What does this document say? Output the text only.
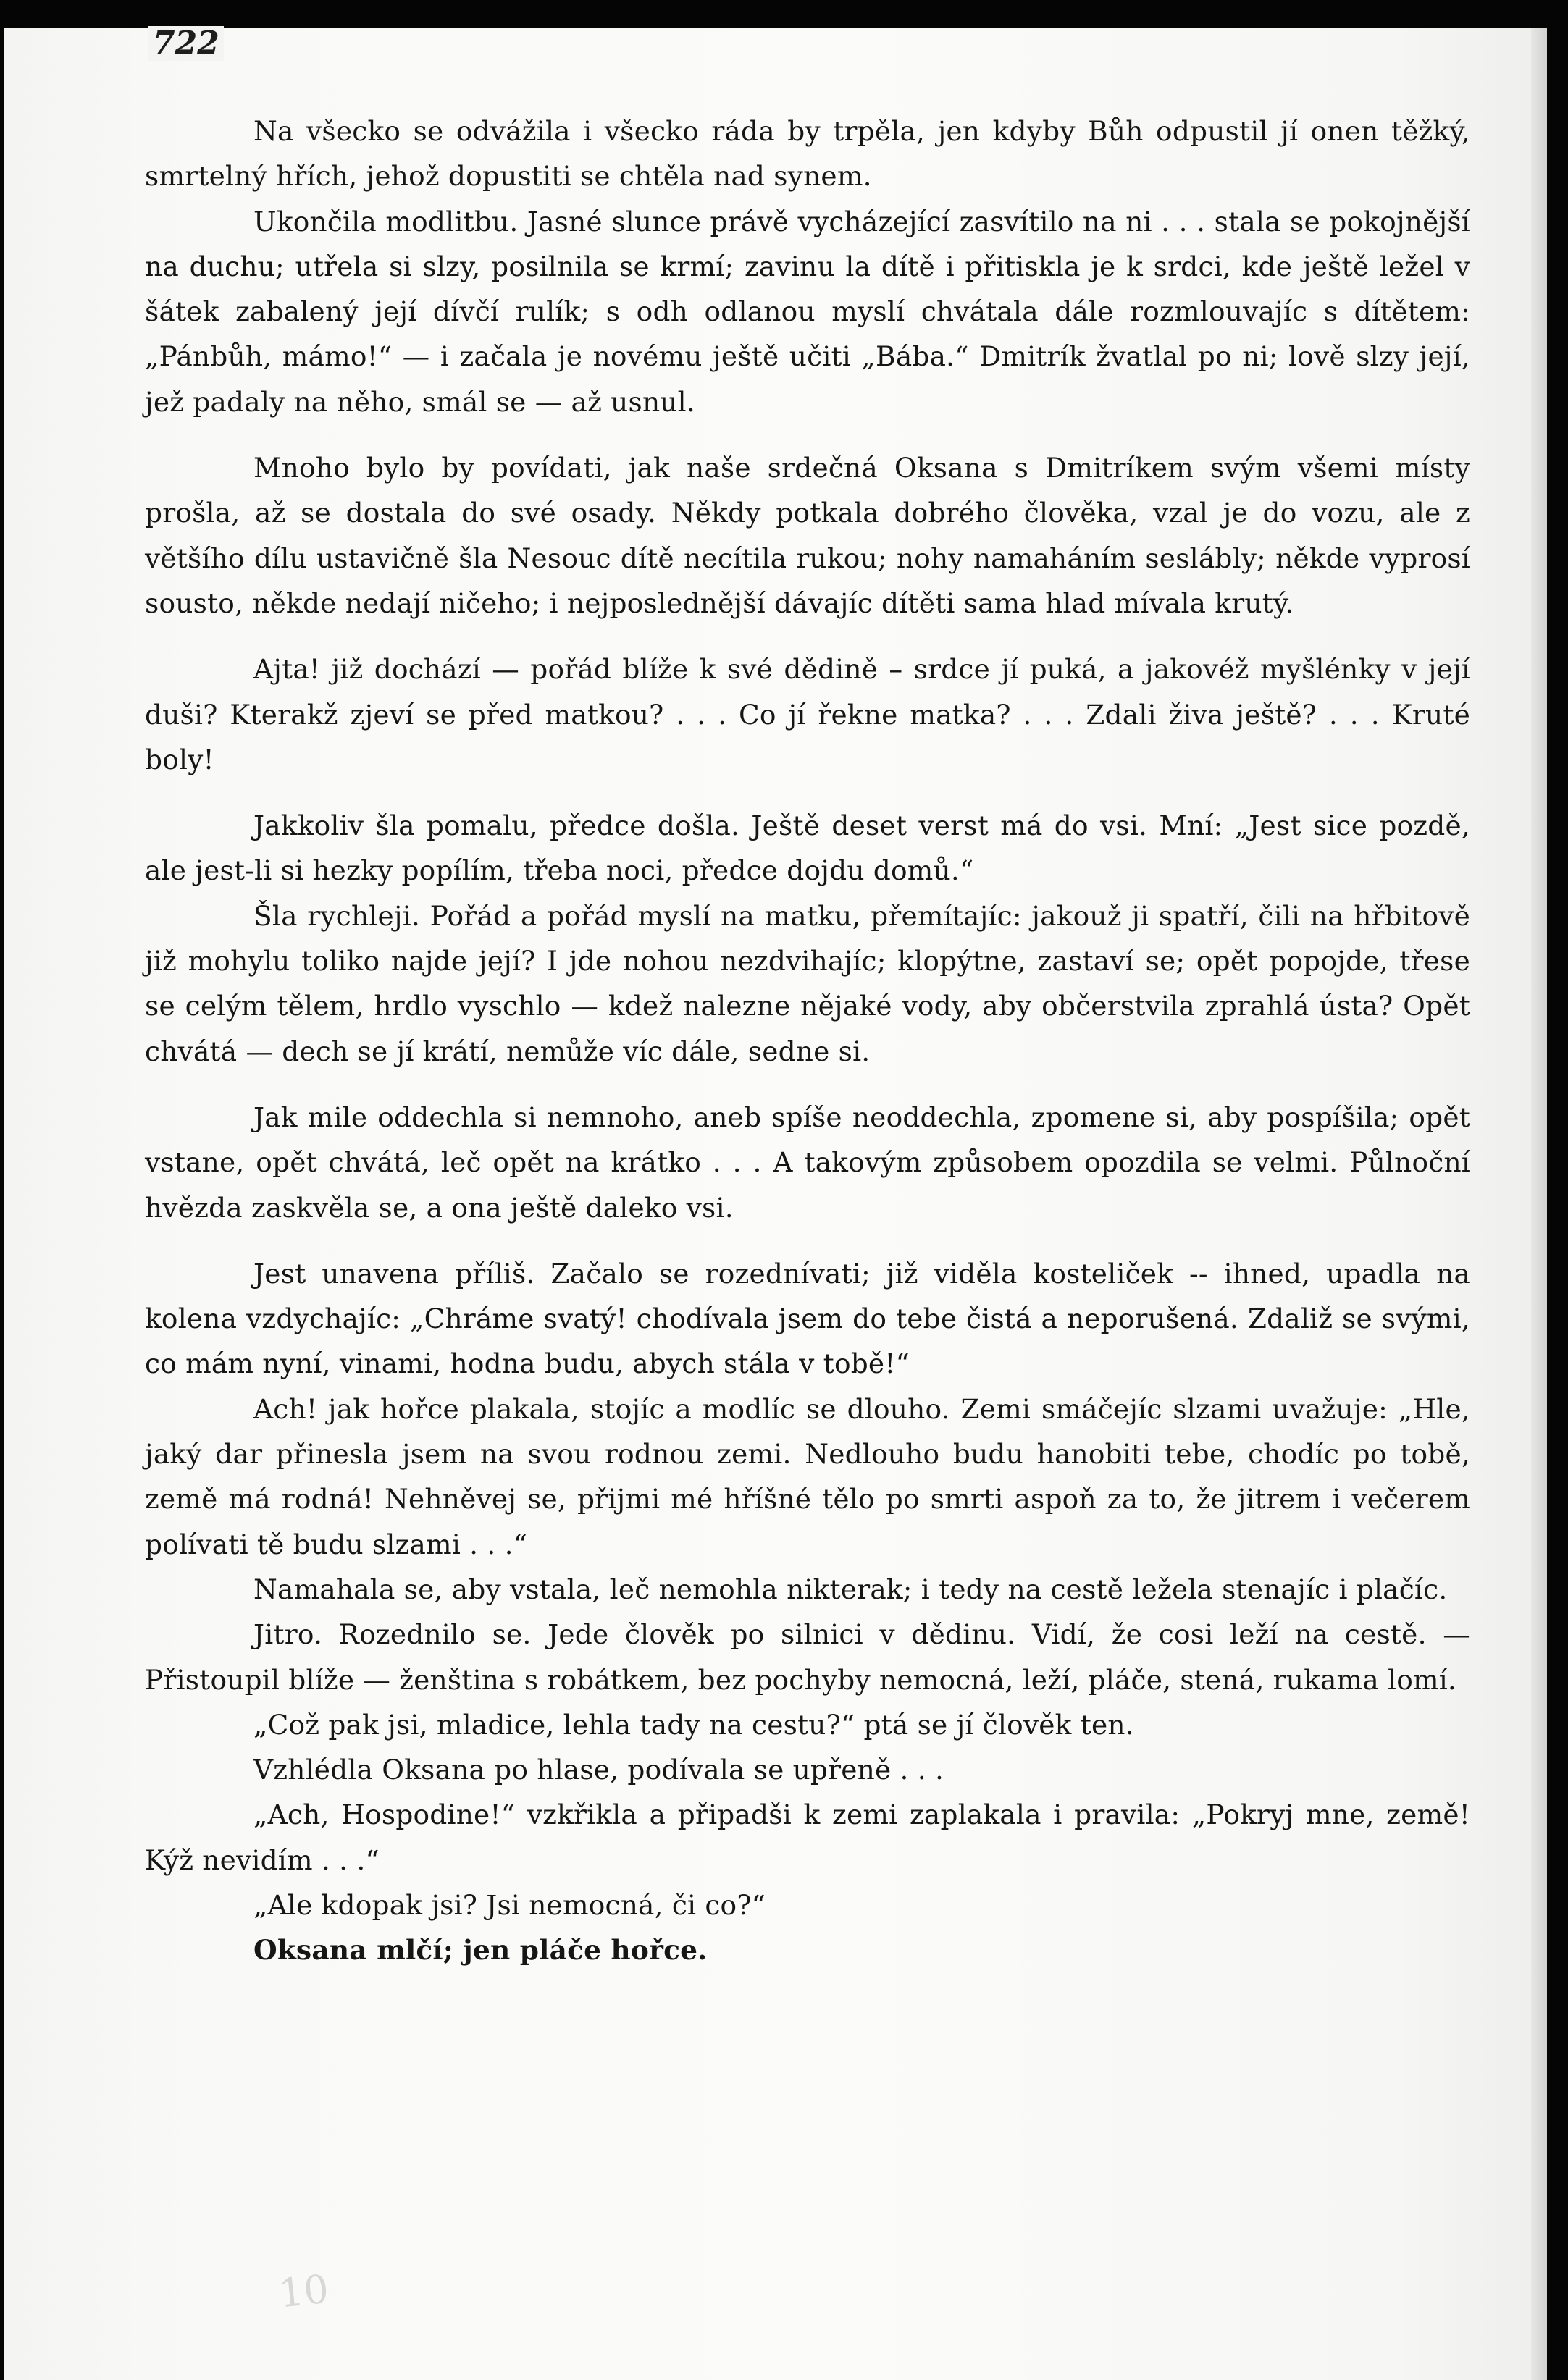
722

Na všecko se odvážila i všecko ráda by trpěla, jen kdyby Bůh odpustil jí onen těžký, smrtelný hřích, jehož dopustiti se chtěla nad synem.

Ukončila modlitbu. Jasné slunce právě vycházející zasvítilo na ni . . . stala se pokojnější na duchu; utřela si slzy, posilnila se krmí; zavinu la dítě i přitiskla je k srdci, kde ještě ležel v šátek zabalený její dívčí rulík; s odh odlanou myslí chvátala dále rozmlouvajíc s dítětem: „Pánbůh, mámo!“ — i začala je novému ještě učiti „Bába.“ Dmitrík žvatlal po ni; lově slzy její, jež padaly na něho, smál se — až usnul.

Mnoho bylo by povídati, jak naše srdečná Oksana s Dmitríkem svým všemi místy prošla, až se dostala do své osady. Někdy potkala dobrého člověka, vzal je do vozu, ale z většího dílu ustavičně šla Nesouc dítě necítila rukou; nohy namaháním seslábly; někde vyprosí sousto, někde nedají ničeho; i nejposlednější dávajíc dítěti sama hlad mívala krutý.

Ajta! již dochází — pořád blíže k své dědině – srdce jí puká, a jakovéž myšlénky v její duši? Kterakž zjeví se před matkou? . . . Co jí řekne matka? . . . Zdali živa ještě? . . . Kruté boly!

Jakkoliv šla pomalu, předce došla. Ještě deset verst má do vsi. Mní: „Jest sice pozdě, ale jest-li si hezky popílím, třeba noci, předce dojdu domů.“

Šla rychleji. Pořád a pořád myslí na matku, přemítajíc: jakouž ji spatří, čili na hřbitově již mohylu toliko najde její? I jde nohou nezdvihajíc; klopýtne, zastaví se; opět popojde, třese se celým tělem, hrdlo vyschlo — kdež nalezne nějaké vody, aby občerstvila zprahlá ústa? Opět chvátá — dech se jí krátí, nemůže víc dále, sedne si.

Jak mile oddechla si nemnoho, aneb spíše neoddechla, zpomene si, aby pospíšila; opět vstane, opět chvátá, leč opět na krátko . . . A takovým způsobem opozdila se velmi. Půlnoční hvězda zaskvěla se, a ona ještě daleko vsi.

Jest unavena příliš. Začalo se rozednívati; již viděla kosteliček -- ihned, upadla na kolena vzdychajíc: „Chráme svatý! chodívala jsem do tebe čistá a neporušená. Zdaliž se svými, co mám nyní, vinami, hodna budu, abych stála v tobě!“

Ach! jak hořce plakala, stojíc a modlíc se dlouho. Zemi smáčejíc slzami uvažuje: „Hle, jaký dar přinesla jsem na svou rodnou zemi. Nedlouho budu hanobiti tebe, chodíc po tobě, země má rodná! Nehněvej se, přijmi mé hříšné tělo po smrti aspoň za to, že jitrem i večerem polívati tě budu slzami . . .“

Namahala se, aby vstala, leč nemohla nikterak; i tedy na cestě ležela stenajíc i plačíc.

Jitro. Rozednilo se. Jede člověk po silnici v dědinu. Vidí, že cosi leží na cestě. — Přistoupil blíže — ženština s robátkem, bez pochyby nemocná, leží, pláče, stená, rukama lomí.

„Což pak jsi, mladice, lehla tady na cestu?“ ptá se jí člověk ten.

Vzhlédla Oksana po hlase, podívala se upřeně . . .

„Ach, Hospodine!“ vzkřikla a připadši k zemi zaplakala i pravila: „Pokryj mne, země! Kýž nevidím . . .“

„Ale kdopak jsi? Jsi nemocná, či co?“

Oksana mlčí; jen pláče hořce.

10
